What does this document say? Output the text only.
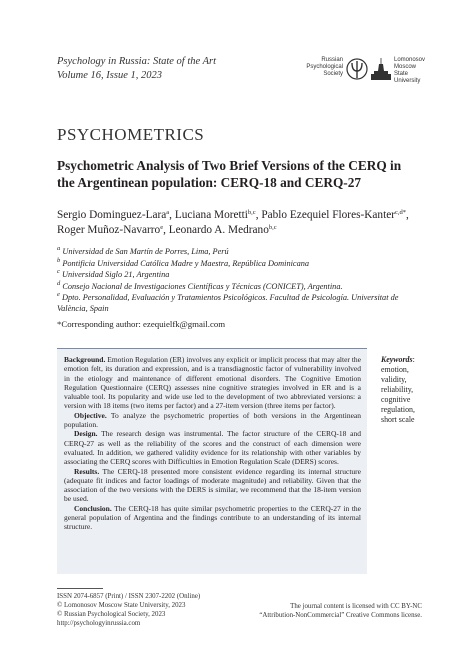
Psychology in Russia: State of the Art
Volume 16, Issue 1, 2023
Russian
Psychological
Society
Lomonosov
Moscow State
University
PSYCHOMETRICS
Psychometric Analysis of Two Brief Versions of the CERQ in the Argentinean population: CERQ-18 and CERQ-27
Sergio Dominguez-Lara$^a$, Luciana Moretti$^{b,c}$, Pablo Ezequiel Flores-Kanter$^{c,d*}$, Roger Muñoz-Navarro$^e$, Leonardo A. Medrano$^{b,c}$
$^a$ Universidad de San Martín de Porres, Lima, Perú
$^b$ Pontificia Universidad Católica Madre y Maestra, República Dominicana
$^c$ Universidad Siglo 21, Argentina
$^d$ Consejo Nacional de Investigaciones Científicas y Técnicas (CONICET), Argentina.
$^e$ Dpto. Personalidad, Evaluación y Tratamientos Psicológicos. Facultad de Psicología. Universitat de València, Spain
*Corresponding author: ezequielfk@gmail.com

Background. Emotion Regulation (ER) involves any explicit or implicit process that may alter the emotion felt, its duration and expression, and is a transdiagnostic factor of vulnerability involved in the etiology and maintenance of different emotional disorders. The Cognitive Emotion Regulation Questionnaire (CERQ) assesses nine cognitive strategies involved in ER and is a valuable tool. Its popularity and wide use led to the development of two abbreviated versions: a version with 18 items (two items per factor) and a 27-item version (three items per factor).

Objective. To analyze the psychometric properties of both versions in the Argentinean population.

Design. The research design was instrumental. The factor structure of the CERQ-18 and CERQ-27 as well as the reliability of the scores and the construct of each dimension were evaluated. In addition, we gathered validity evidence for its relationship with other variables by associating the CERQ scores with Difficulties in Emotion Regulation Scale (DERS) scores.

Results. The CERQ-18 presented more consistent evidence regarding its internal structure (adequate fit indices and factor loadings of moderate magnitude) and reliability. Given that the association of the two versions with the DERS is similar, we recommend that the 18-item version be used.

Conclusion. The CERQ-18 has quite similar psychometric properties to the CERQ-27 in the general population of Argentina and the findings contribute to an understanding of its internal structure.

Keywords:
emotion,
validity,
reliability,
cognitive
regulation,
short scale
ISSN 2074-6857 (Print) / ISSN 2307-2202 (Online)
© Lomonosov Moscow State University, 2023
© Russian Psychological Society, 2023
http://psychologyinrussia.com
The journal content is licensed with CC BY-NC
“Attribution-NonCommercial” Creative Commons license.
